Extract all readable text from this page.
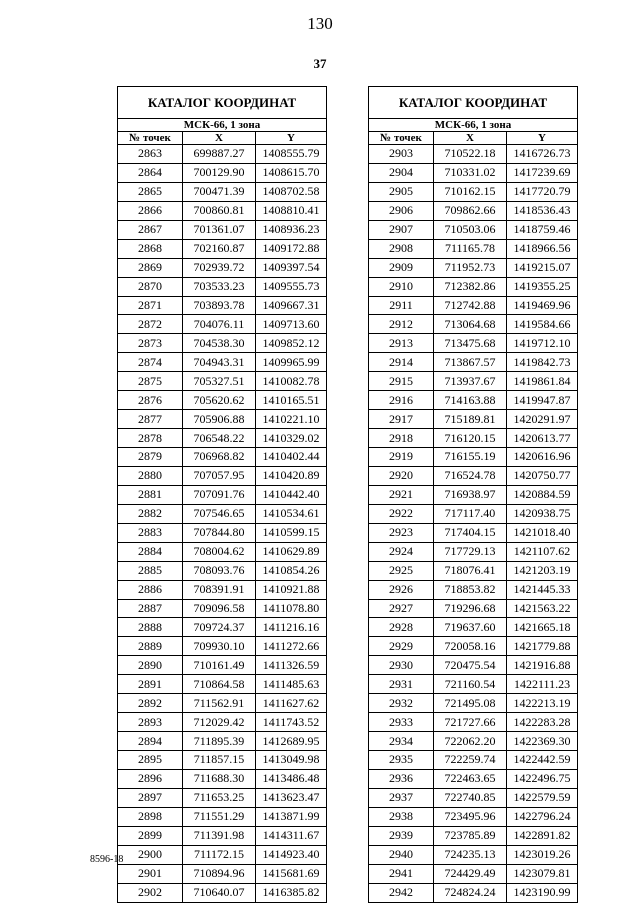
130
37
КАТАЛОГ КООРДИНАТ		
МСК-66, 1 зона		
№ точек	X	Y
2863	699887.27	1408555.79
2864	700129.90	1408615.70
2865	700471.39	1408702.58
2866	700860.81	1408810.41
2867	701361.07	1408936.23
2868	702160.87	1409172.88
2869	702939.72	1409397.54
2870	703533.23	1409555.73
2871	703893.78	1409667.31
2872	704076.11	1409713.60
2873	704538.30	1409852.12
2874	704943.31	1409965.99
2875	705327.51	1410082.78
2876	705620.62	1410165.51
2877	705906.88	1410221.10
2878	706548.22	1410329.02
2879	706968.82	1410402.44
2880	707057.95	1410420.89
2881	707091.76	1410442.40
2882	707546.65	1410534.61
2883	707844.80	1410599.15
2884	708004.62	1410629.89
2885	708093.76	1410854.26
2886	708391.91	1410921.88
2887	709096.58	1411078.80
2888	709724.37	1411216.16
2889	709930.10	1411272.66
2890	710161.49	1411326.59
2891	710864.58	1411485.63
2892	711562.91	1411627.62
2893	712029.42	1411743.52
2894	711895.39	1412689.95
2895	711857.15	1413049.98
2896	711688.30	1413486.48
2897	711653.25	1413623.47
2898	711551.29	1413871.99
2899	711391.98	1414311.67
2900	711172.15	1414923.40
2901	710894.96	1415681.69
2902	710640.07	1416385.82
КАТАЛОГ КООРДИНАТ		
МСК-66, 1 зона		
№ точек	X	Y
2903	710522.18	1416726.73
2904	710331.02	1417239.69
2905	710162.15	1417720.79
2906	709862.66	1418536.43
2907	710503.06	1418759.46
2908	711165.78	1418966.56
2909	711952.73	1419215.07
2910	712382.86	1419355.25
2911	712742.88	1419469.96
2912	713064.68	1419584.66
2913	713475.68	1419712.10
2914	713867.57	1419842.73
2915	713937.67	1419861.84
2916	714163.88	1419947.87
2917	715189.81	1420291.97
2918	716120.15	1420613.77
2919	716155.19	1420616.96
2920	716524.78	1420750.77
2921	716938.97	1420884.59
2922	717117.40	1420938.75
2923	717404.15	1421018.40
2924	717729.13	1421107.62
2925	718076.41	1421203.19
2926	718853.82	1421445.33
2927	719296.68	1421563.22
2928	719637.60	1421665.18
2929	720058.16	1421779.88
2930	720475.54	1421916.88
2931	721160.54	1422111.23
2932	721495.08	1422213.19
2933	721727.66	1422283.28
2934	722062.20	1422369.30
2935	722259.74	1422442.59
2936	722463.65	1422496.75
2937	722740.85	1422579.59
2938	723495.96	1422796.24
2939	723785.89	1422891.82
2940	724235.13	1423019.26
2941	724429.49	1423079.81
2942	724824.24	1423190.99
8596-18
